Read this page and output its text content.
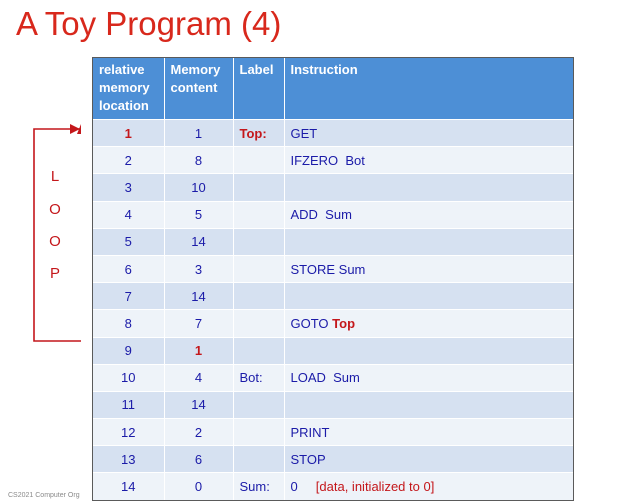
A Toy Program (4)
relative memory location	Memory content	Label	Instruction
1	1	Top:	GET
2	8		IFZERO  Bot
3	10		
4	5		ADD  Sum
5	14		
6	3		STORE Sum
7	14		
8	7		GOTO Top
9	1		
10	4	Bot:	LOAD  Sum
11	14		
12	2		PRINT
13	6		STOP
14	0	Sum:	0     [data, initialized to 0]
L
O
O
P
CS2021 Computer Org
